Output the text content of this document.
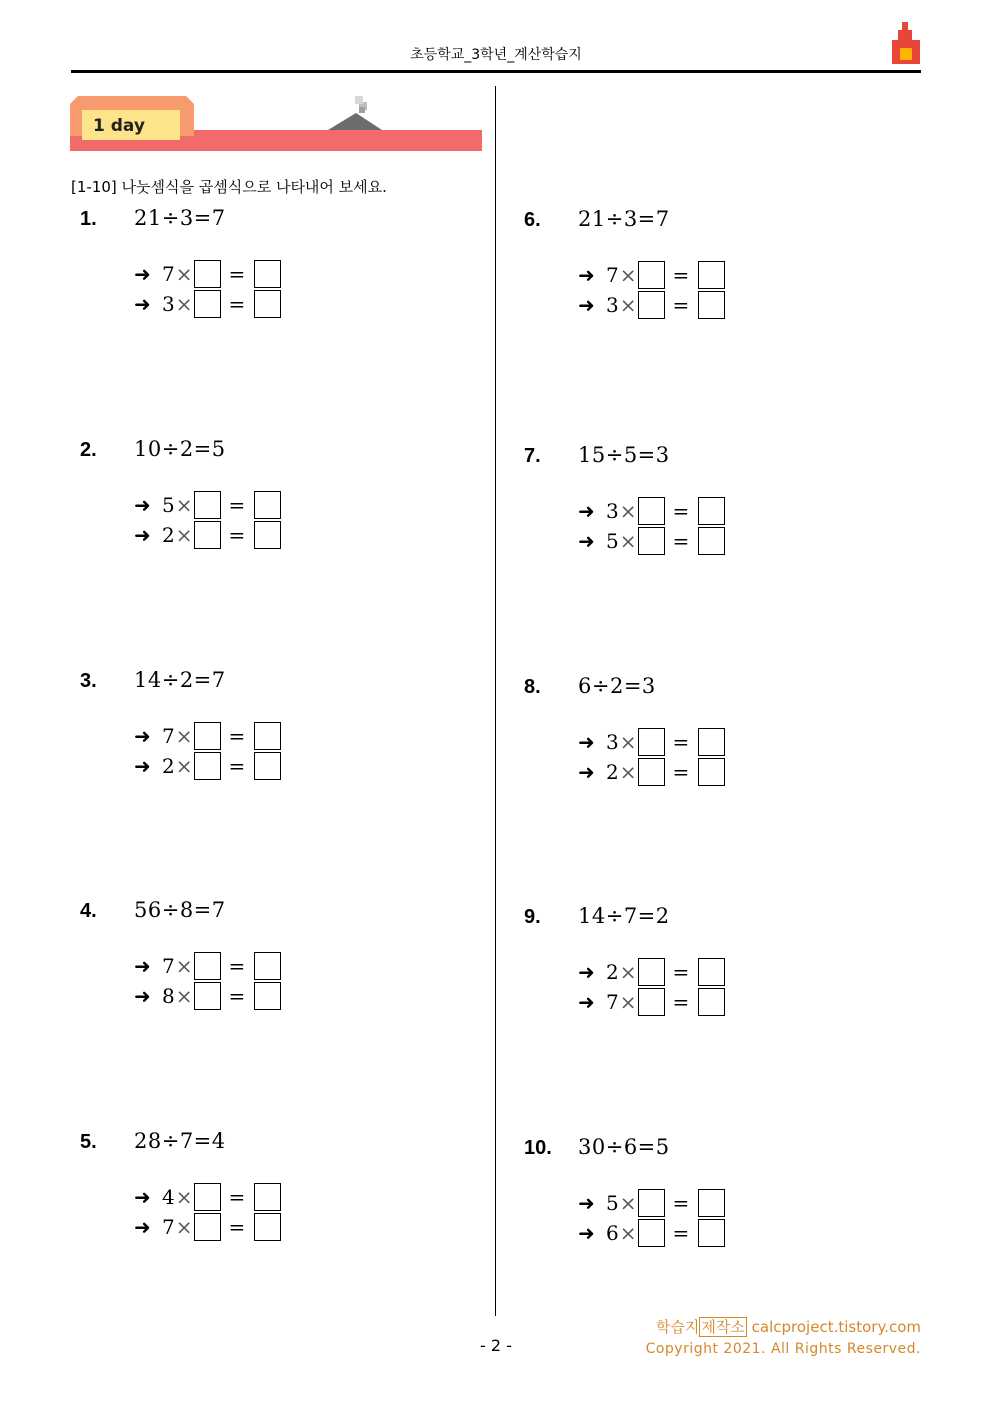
초등학교_3학년_계산학습지
1 day
[1-10] 나눗셈식을 곱셈식으로 나타내어 보세요.
1. 21÷3=7
➜ 7 × =
➜ 3 × =
2. 10÷2=5
➜ 5 × =
➜ 2 × =
3. 14÷2=7
➜ 7 × =
➜ 2 × =
4. 56÷8=7
➜ 7 × =
➜ 8 × =
5. 28÷7=4
➜ 4 × =
➜ 7 × =
6. 21÷3=7
➜ 7 × =
➜ 3 × =
7. 15÷5=3
➜ 3 × =
➜ 5 × =
8. 6÷2=3
➜ 3 × =
➜ 2 × =
9. 14÷7=2
➜ 2 × =
➜ 7 × =
10. 30÷6=5
➜ 5 × =
➜ 6 × =
- 2 -
학습지 제작소 calcproject.tistory.com
Copyright 2021. All Rights Reserved.
